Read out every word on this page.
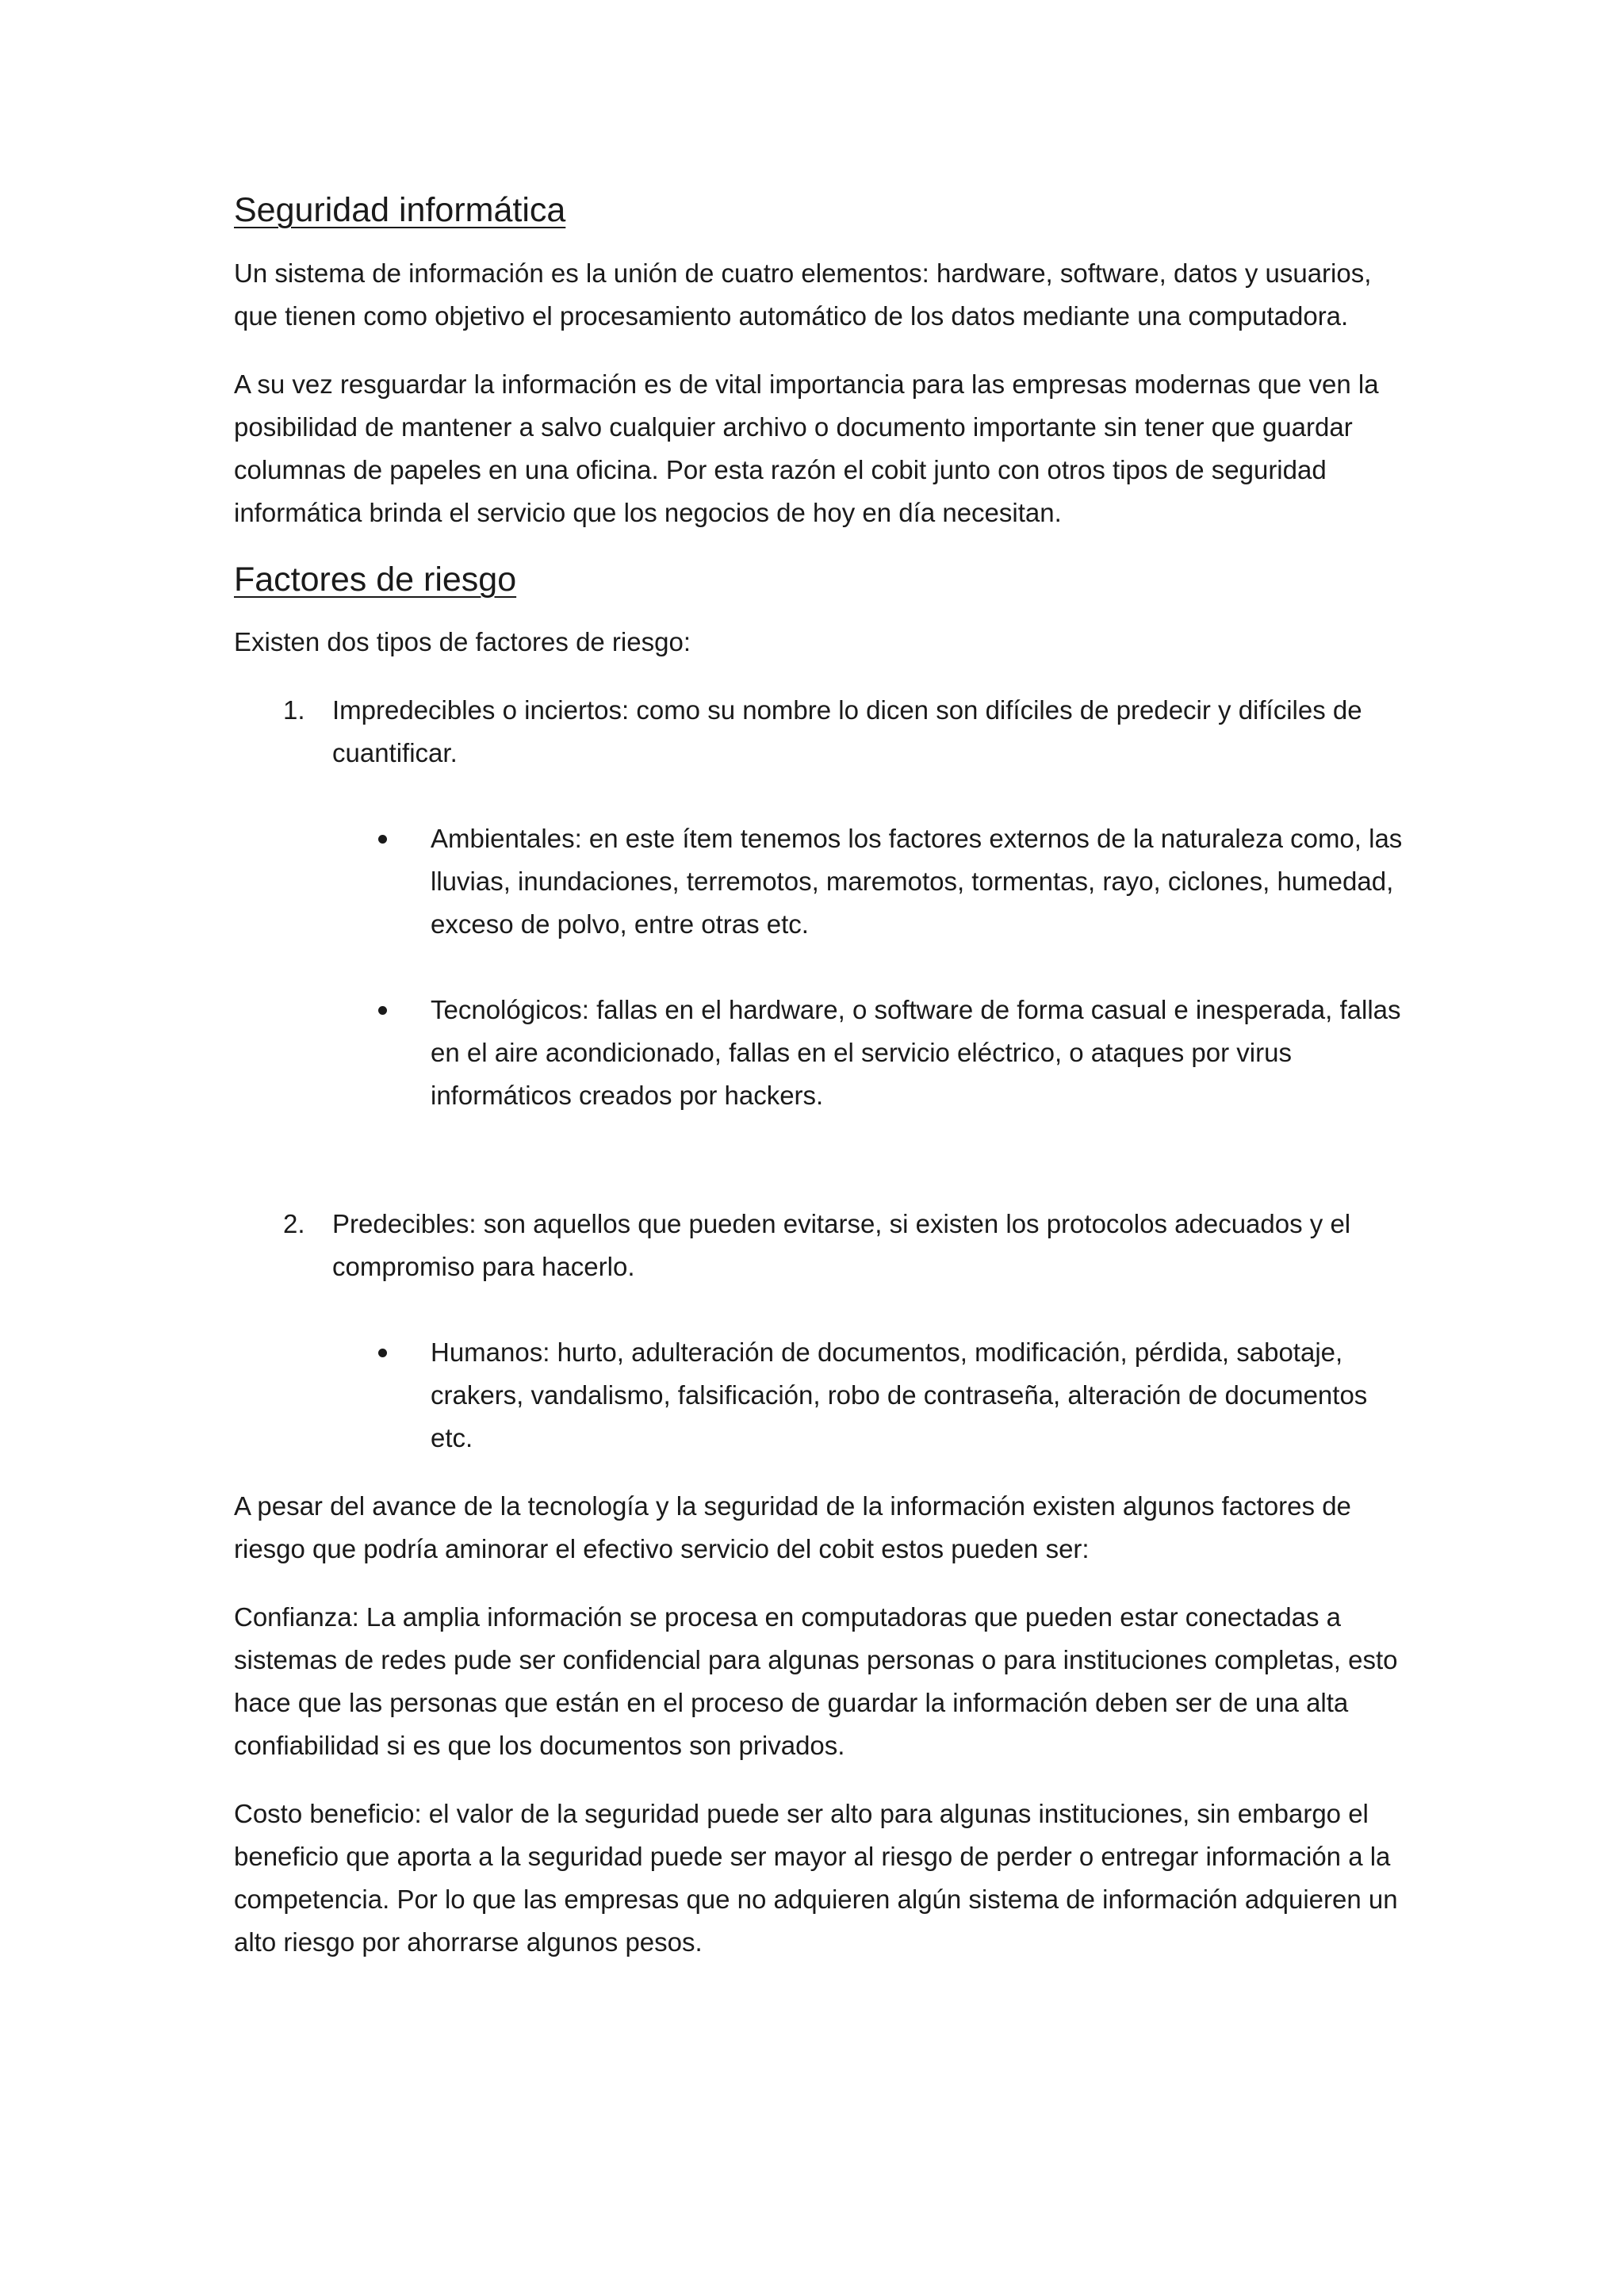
Seguridad informática

Un sistema de información es la unión de cuatro elementos: hardware, software, datos y usuarios, que tienen como objetivo el procesamiento automático de los datos mediante una computadora.

A su vez resguardar la información es de vital importancia para las empresas modernas que ven la posibilidad de mantener a salvo cualquier archivo o documento importante sin tener que guardar columnas de papeles en una oficina. Por esta razón el cobit junto con otros tipos de seguridad informática brinda el servicio que los negocios de hoy en día necesitan.

Factores de riesgo

Existen dos tipos de factores de riesgo:

1. Impredecibles o inciertos: como su nombre lo dicen son difíciles de predecir y difíciles de cuantificar.
Ambientales: en este ítem tenemos los factores externos de la naturaleza como, las lluvias, inundaciones, terremotos, maremotos, tormentas, rayo, ciclones, humedad, exceso de polvo, entre otras etc.
Tecnológicos: fallas en el hardware, o software de forma casual e inesperada, fallas en el aire acondicionado, fallas en el servicio eléctrico, o ataques por virus informáticos creados por hackers.
2. Predecibles: son aquellos que pueden evitarse, si existen los protocolos adecuados y el compromiso para hacerlo.
Humanos: hurto, adulteración de documentos, modificación, pérdida, sabotaje, crakers, vandalismo, falsificación, robo de contraseña, alteración de documentos etc.

A pesar del avance de la tecnología y la seguridad de la información existen algunos factores de riesgo que podría aminorar el efectivo servicio del cobit estos pueden ser:

Confianza: La amplia información se procesa en computadoras que pueden estar conectadas a sistemas de redes pude ser confidencial para algunas personas o para instituciones completas, esto hace que las personas que están en el proceso de guardar la información deben ser de una alta confiabilidad si es que los documentos son privados.

Costo beneficio: el valor de la seguridad puede ser alto para algunas instituciones, sin embargo el beneficio que aporta a la seguridad puede ser mayor al riesgo de perder o entregar información a la competencia. Por lo que las empresas que no adquieren algún sistema de información adquieren un alto riesgo por ahorrarse algunos pesos.
